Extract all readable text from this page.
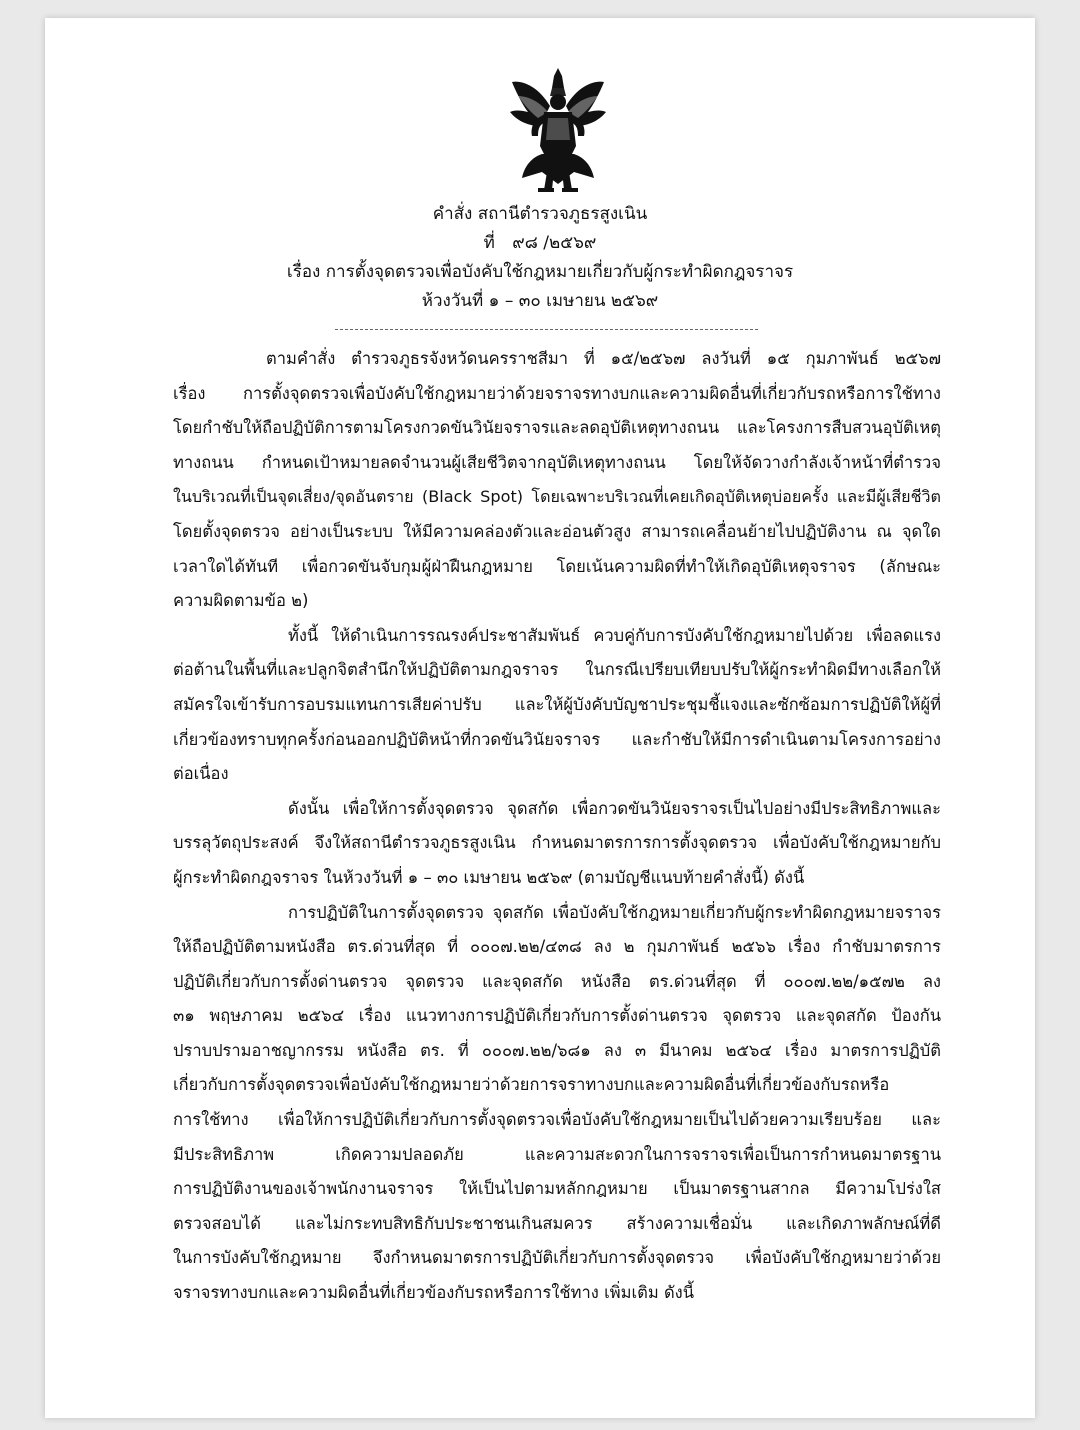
คำสั่ง สถานีตำรวจภูธรสูงเนิน
ที่ ๙๘ /๒๕๖๙
เรื่อง การตั้งจุดตรวจเพื่อบังคับใช้กฎหมายเกี่ยวกับผู้กระทำผิดกฎจราจร
ห้วงวันที่ ๑ – ๓๐ เมษายน ๒๕๖๙
ตามคำสั่ง ตำรวจภูธรจังหวัดนครราชสีมา ที่ ๑๕/๒๕๖๗ ลงวันที่ ๑๕ กุมภาพันธ์ ๒๕๖๗
เรื่อง การตั้งจุดตรวจเพื่อบังคับใช้กฎหมายว่าด้วยจราจรทางบกและความผิดอื่นที่เกี่ยวกับรถหรือการใช้ทาง
โดยกำชับให้ถือปฏิบัติการตามโครงกวดขันวินัยจราจรและลดอุบัติเหตุทางถนน และโครงการสืบสวนอุบัติเหตุ
ทางถนน กำหนดเป้าหมายลดจำนวนผู้เสียชีวิตจากอุบัติเหตุทางถนน โดยให้จัดวางกำลังเจ้าหน้าที่ตำรวจ
ในบริเวณที่เป็นจุดเสี่ยง/จุดอันตราย (Black Spot) โดยเฉพาะบริเวณที่เคยเกิดอุบัติเหตุบ่อยครั้ง และมีผู้เสียชีวิต
โดยตั้งจุดตรวจ อย่างเป็นระบบ ให้มีความคล่องตัวและอ่อนตัวสูง สามารถเคลื่อนย้ายไปปฏิบัติงาน ณ จุดใด
เวลาใดได้ทันที เพื่อกวดขันจับกุมผู้ฝ่าฝืนกฎหมาย โดยเน้นความผิดที่ทำให้เกิดอุบัติเหตุจราจร (ลักษณะ
ความผิดตามข้อ ๒)
ทั้งนี้ ให้ดำเนินการรณรงค์ประชาสัมพันธ์ ควบคู่กับการบังคับใช้กฎหมายไปด้วย เพื่อลดแรง
ต่อต้านในพื้นที่และปลูกจิตสำนึกให้ปฏิบัติตามกฎจราจร ในกรณีเปรียบเทียบปรับให้ผู้กระทำผิดมีทางเลือกให้
สมัครใจเข้ารับการอบรมแทนการเสียค่าปรับ และให้ผู้บังคับบัญชาประชุมชี้แจงและซักซ้อมการปฏิบัติให้ผู้ที่
เกี่ยวข้องทราบทุกครั้งก่อนออกปฏิบัติหน้าที่กวดขันวินัยจราจร และกำชับให้มีการดำเนินตามโครงการอย่าง
ต่อเนื่อง
ดังนั้น เพื่อให้การตั้งจุดตรวจ จุดสกัด เพื่อกวดขันวินัยจราจรเป็นไปอย่างมีประสิทธิภาพและ
บรรลุวัตถุประสงค์ จึงให้สถานีตำรวจภูธรสูงเนิน กำหนดมาตรการการตั้งจุดตรวจ เพื่อบังคับใช้กฎหมายกับ
ผู้กระทำผิดกฎจราจร ในห้วงวันที่ ๑ – ๓๐ เมษายน ๒๕๖๙ (ตามบัญชีแนบท้ายคำสั่งนี้) ดังนี้
การปฏิบัติในการตั้งจุดตรวจ จุดสกัด เพื่อบังคับใช้กฎหมายเกี่ยวกับผู้กระทำผิดกฎหมายจราจร
ให้ถือปฏิบัติตามหนังสือ ตร.ด่วนที่สุด ที่ ๐๐๐๗.๒๒/๔๓๘ ลง ๒ กุมภาพันธ์ ๒๕๖๖ เรื่อง กำชับมาตรการ
ปฏิบัติเกี่ยวกับการตั้งด่านตรวจ จุดตรวจ และจุดสกัด หนังสือ ตร.ด่วนที่สุด ที่ ๐๐๐๗.๒๒/๑๕๗๒ ลง
๓๑ พฤษภาคม ๒๕๖๔ เรื่อง แนวทางการปฏิบัติเกี่ยวกับการตั้งด่านตรวจ จุดตรวจ และจุดสกัด ป้องกัน
ปราบปรามอาชญากรรม หนังสือ ตร. ที่ ๐๐๐๗.๒๒/๖๘๑ ลง ๓ มีนาคม ๒๕๖๔ เรื่อง มาตรการปฏิบัติ
เกี่ยวกับการตั้งจุดตรวจเพื่อบังคับใช้กฎหมายว่าด้วยการจราทางบกและความผิดอื่นที่เกี่ยวข้องกับรถหรือ
การใช้ทาง เพื่อให้การปฏิบัติเกี่ยวกับการตั้งจุดตรวจเพื่อบังคับใช้กฎหมายเป็นไปด้วยความเรียบร้อย และ
มีประสิทธิภาพ เกิดความปลอดภัย และความสะดวกในการจราจรเพื่อเป็นการกำหนดมาตรฐาน
การปฏิบัติงานของเจ้าพนักงานจราจร ให้เป็นไปตามหลักกฎหมาย เป็นมาตรฐานสากล มีความโปร่งใส
ตรวจสอบได้ และไม่กระทบสิทธิกับประชาชนเกินสมควร สร้างความเชื่อมั่น และเกิดภาพลักษณ์ที่ดี
ในการบังคับใช้กฎหมาย จึงกำหนดมาตรการปฏิบัติเกี่ยวกับการตั้งจุดตรวจ เพื่อบังคับใช้กฎหมายว่าด้วย
จราจรทางบกและความผิดอื่นที่เกี่ยวข้องกับรถหรือการใช้ทาง เพิ่มเติม ดังนี้
